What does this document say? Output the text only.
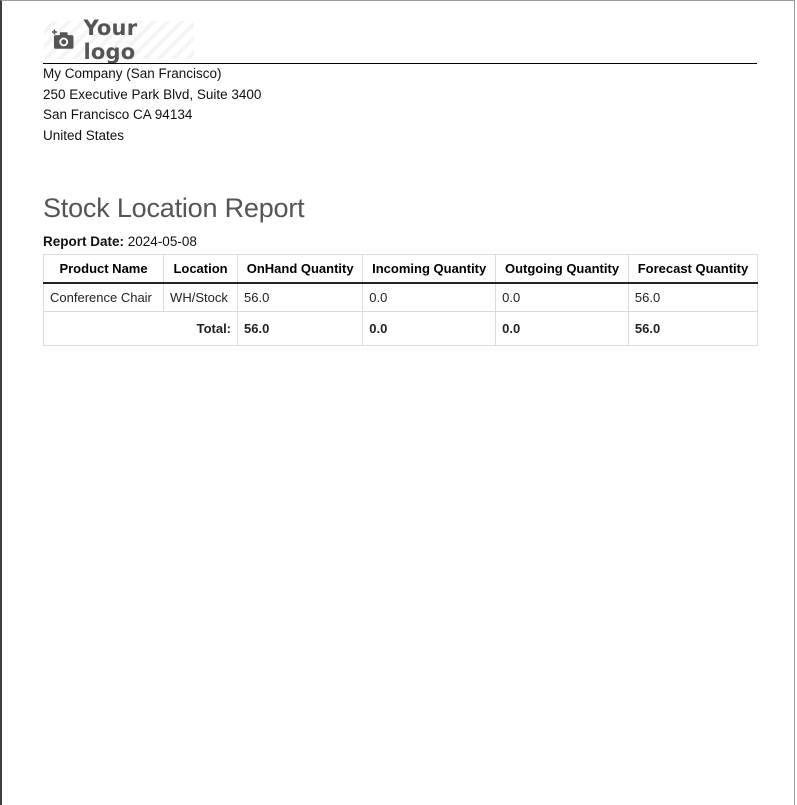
Your logo
My Company (San Francisco)
250 Executive Park Blvd, Suite 3400
San Francisco CA 94134
United States
Stock Location Report
Report Date: 2024-05-08
Product Name	Location	OnHand Quantity	Incoming Quantity	Outgoing Quantity	Forecast Quantity
Conference Chair	WH/Stock	56.0	0.0	0.0	56.0
Total:		56.0	0.0	0.0	56.0
